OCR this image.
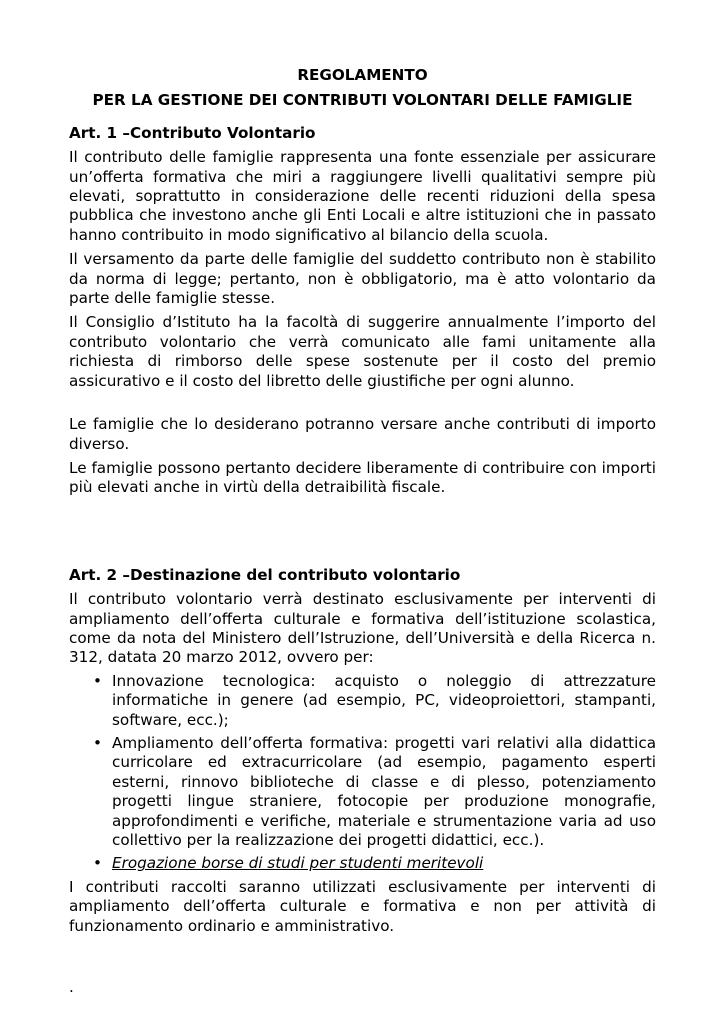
REGOLAMENTO

PER LA GESTIONE DEI CONTRIBUTI VOLONTARI DELLE FAMIGLIE

Art. 1 –Contributo Volontario

Il contributo delle famiglie rappresenta una fonte essenziale per assicurare un’offerta formativa che miri a raggiungere livelli qualitativi sempre più elevati, soprattutto in considerazione delle recenti riduzioni della spesa pubblica che investono anche gli Enti Locali e altre istituzioni che in passato hanno contribuito in modo significativo al bilancio della scuola.

Il versamento da parte delle famiglie del suddetto contributo non è stabilito da norma di legge; pertanto, non è obbligatorio, ma è atto volontario da parte delle famiglie stesse.

Il Consiglio d’Istituto ha la facoltà di suggerire annualmente l’importo del contributo volontario che verrà comunicato alle fami unitamente alla richiesta di rimborso delle spese sostenute per il costo del premio assicurativo e il costo del libretto delle giustifiche per ogni alunno.

Le famiglie che lo desiderano potranno versare anche contributi di importo diverso.

Le famiglie possono pertanto decidere liberamente di contribuire con importi più elevati anche in virtù della detraibilità fiscale.

Art. 2 –Destinazione del contributo volontario

Il contributo volontario verrà destinato esclusivamente per interventi di ampliamento dell’offerta culturale e formativa dell’istituzione scolastica, come da nota del Ministero dell’Istruzione, dell’Università e della Ricerca n. 312, datata 20 marzo 2012, ovvero per:

• Innovazione tecnologica: acquisto o noleggio di attrezzature informatiche in genere (ad esempio, PC, videoproiettori, stampanti, software, ecc.);
• Ampliamento dell’offerta formativa: progetti vari relativi alla didattica curricolare ed extracurricolare (ad esempio, pagamento esperti esterni, rinnovo biblioteche di classe e di plesso, potenziamento progetti lingue straniere, fotocopie per produzione monografie, approfondimenti e verifiche, materiale e strumentazione varia ad uso collettivo per la realizzazione dei progetti didattici, ecc.).
• Erogazione borse di studi per studenti meritevoli

I contributi raccolti saranno utilizzati esclusivamente per interventi di ampliamento dell’offerta culturale e formativa e non per attività di funzionamento ordinario e amministrativo.

.
